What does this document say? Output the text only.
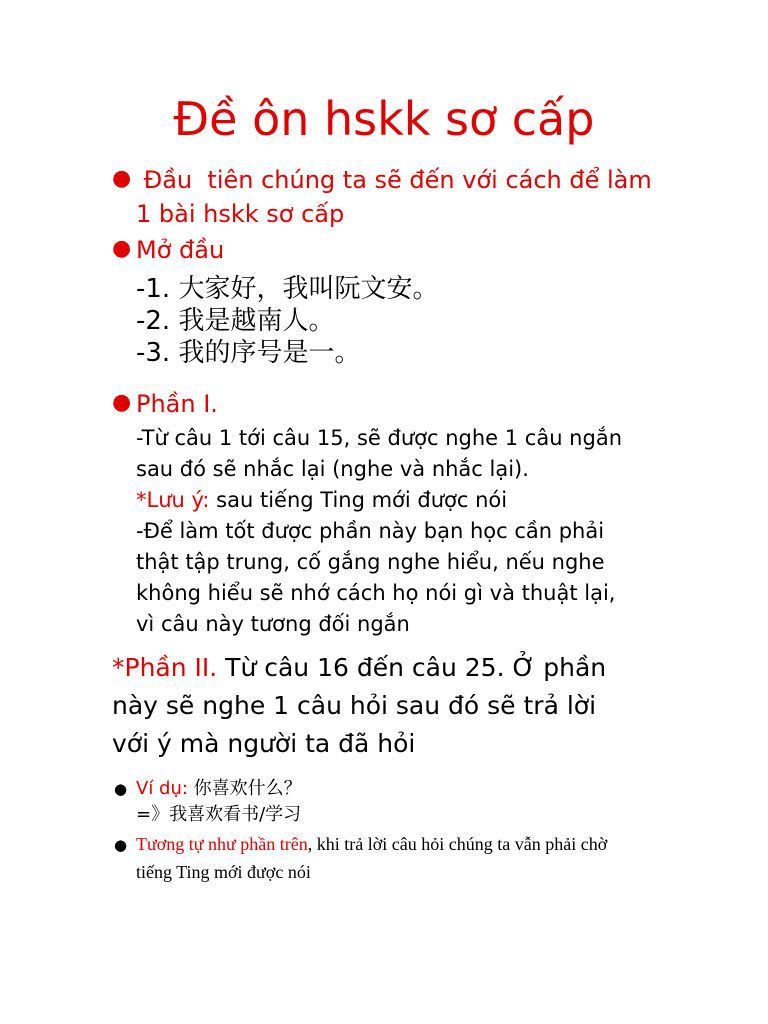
Đề ôn hskk sơ cấp
● Đầu  tiên chúng ta sẽ đến với cách để làm
1 bài hskk sơ cấp
● Mở đầu
-1. 大家好，我叫阮文安。
-2. 我是越南人。
-3. 我的序号是一。
● Phần I.
-Từ câu 1 tới câu 15, sẽ được nghe 1 câu ngắn
sau đó sẽ nhắc lại (nghe và nhắc lại).
*Lưu ý: sau tiếng Ting mới được nói
-Để làm tốt được phần này bạn học cần phải
thật tập trung, cố gắng nghe hiểu, nếu nghe
không hiểu sẽ nhớ cách họ nói gì và thuật lại,
vì câu này tương đối ngắn
*Phần II. Từ câu 16 đến câu 25. Ở phần
này sẽ nghe 1 câu hỏi sau đó sẽ trả lời
với ý mà người ta đã hỏi
● Ví dụ: 你喜欢什么？
=》我喜欢看书/学习
● Tương tự như phần trên, khi trả lời câu hỏi chúng ta vẫn phải chờ
tiếng Ting mới được nói
